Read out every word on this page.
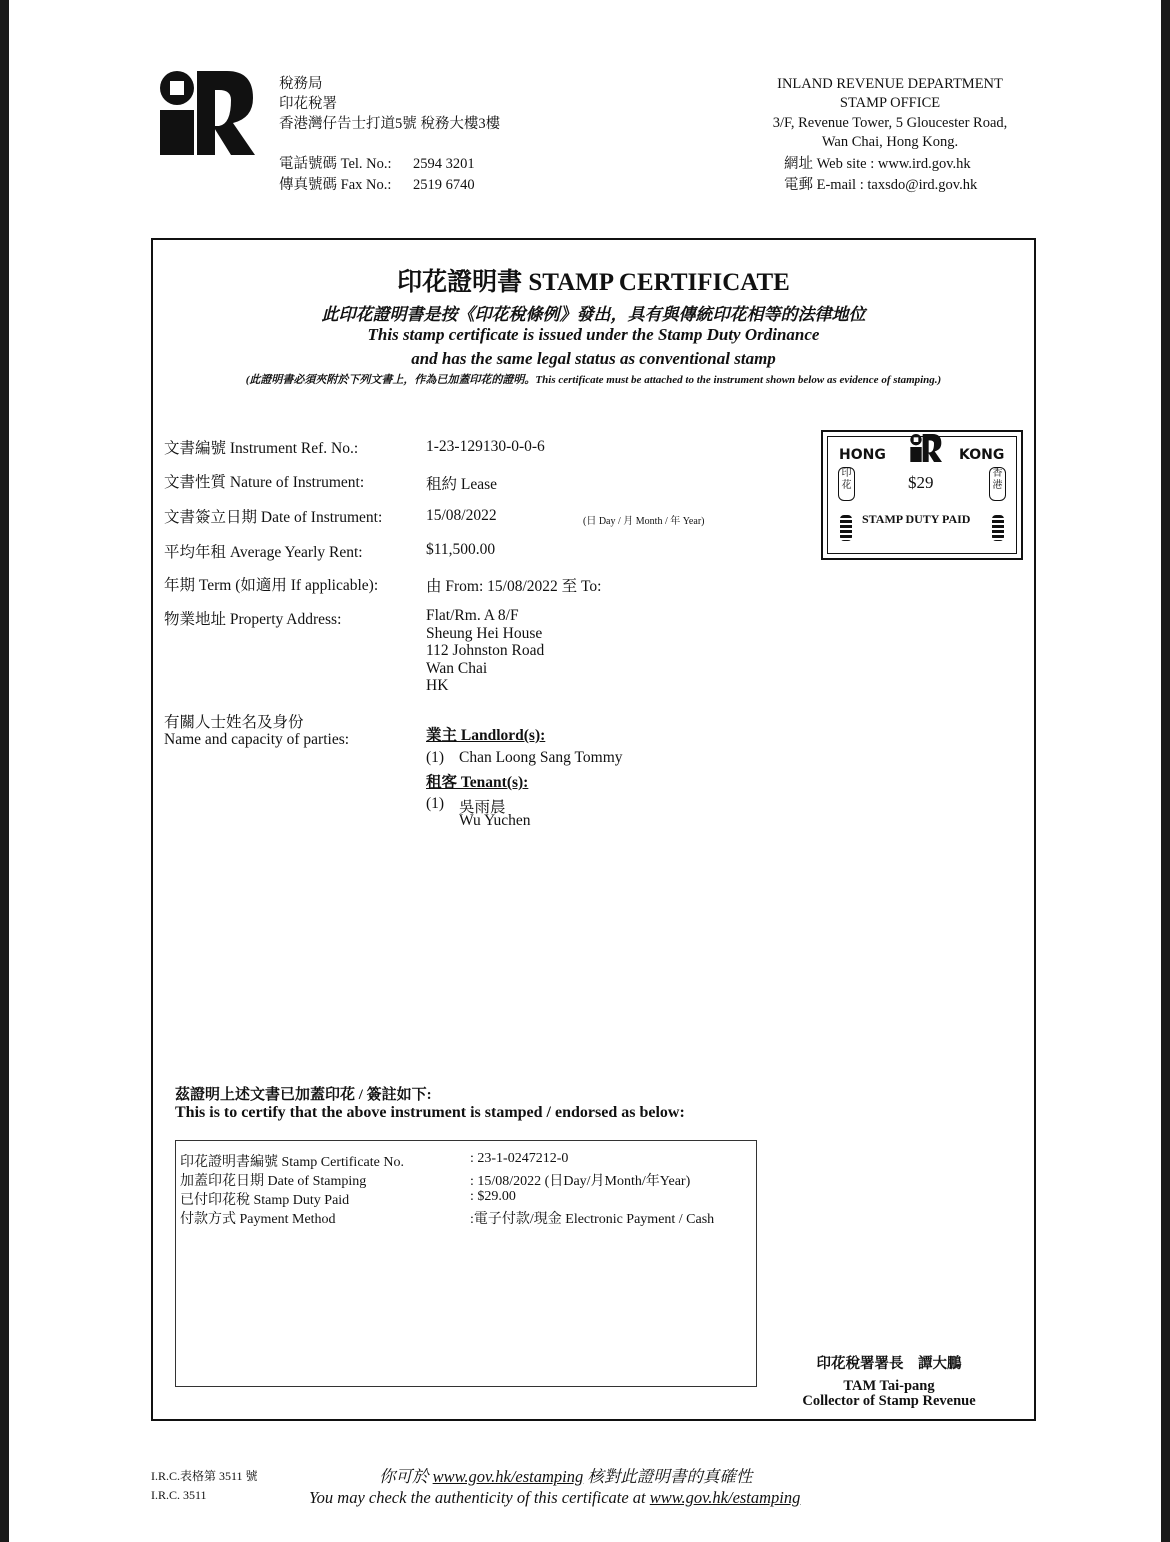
稅務局
印花稅署
香港灣仔告士打道5號 稅務大樓3樓
電話號碼 Tel. No.: 2594 3201
傳真號碼 Fax No.: 2519 6740
INLAND REVENUE DEPARTMENT
STAMP OFFICE
3/F, Revenue Tower, 5 Gloucester Road,
Wan Chai, Hong Kong.
網址 Web site : www.ird.gov.hk
電郵 E-mail : taxsdo@ird.gov.hk
印花證明書 STAMP CERTIFICATE
此印花證明書是按《印花稅條例》發出，具有與傳統印花相等的法律地位
This stamp certificate is issued under the Stamp Duty Ordinance
and has the same legal status as conventional stamp
(此證明書必須夾附於下列文書上，作為已加蓋印花的證明。This certificate must be attached to the instrument shown below as evidence of stamping.)
文書編號 Instrument Ref. No.:	1-23-129130-0-0-6
文書性質 Nature of Instrument:	租約 Lease
文書簽立日期 Date of Instrument:	15/08/2022	(日 Day / 月 Month / 年 Year)
平均年租 Average Yearly Rent:	$11,500.00
年期 Term (如適用 If applicable):	由 From: 15/08/2022 至 To:
物業地址 Property Address:	Flat/Rm. A 8/F
Sheung Hei House
112 Johnston Road
Wan Chai
HK
有關人士姓名及身份
Name and capacity of parties:	業主 Landlord(s):
(1) Chan Loong Sang Tommy
租客 Tenant(s):
(1) 吳雨晨
Wu Yuchen
HONG	KONG
$29
印花
香港
STAMP DUTY PAID
茲證明上述文書已加蓋印花 / 簽註如下:
This is to certify that the above instrument is stamped / endorsed as below:
印花證明書編號 Stamp Certificate No.	: 23-1-0247212-0
加蓋印花日期 Date of Stamping	: 15/08/2022 (日Day/月Month/年Year)
已付印花稅 Stamp Duty Paid	: $29.00
付款方式 Payment Method	:電子付款/現金 Electronic Payment / Cash
印花稅署署長　譚大鵬
TAM Tai-pang
Collector of Stamp Revenue
I.R.C.表格第 3511 號
I.R.C. 3511
你可於 www.gov.hk/estamping 核對此證明書的真確性
You may check the authenticity of this certificate at www.gov.hk/estamping
